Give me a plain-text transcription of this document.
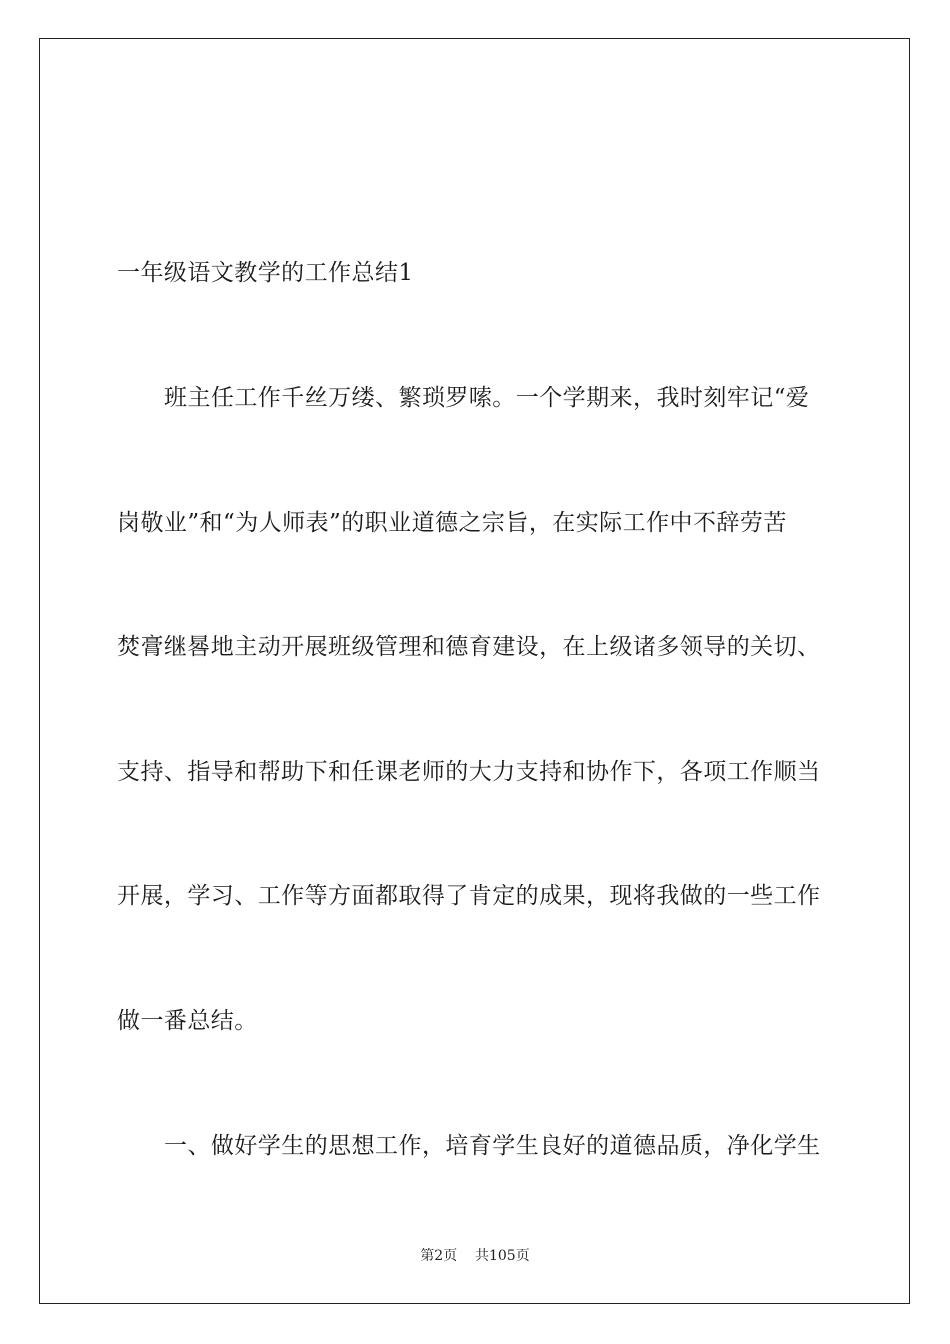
一年级语文教学的工作总结1
班主任工作千丝万缕、繁琐罗嗦。一个学期来，我时刻牢记“爱
岗敬业”和“为人师表”的职业道德之宗旨，在实际工作中不辞劳苦
焚膏继晷地主动开展班级管理和德育建设，在上级诸多领导的关切、
支持、指导和帮助下和任课老师的大力支持和协作下，各项工作顺当
开展，学习、工作等方面都取得了肯定的成果，现将我做的一些工作
做一番总结。
一、做好学生的思想工作，培育学生良好的道德品质，净化学生
第2页    共105页
